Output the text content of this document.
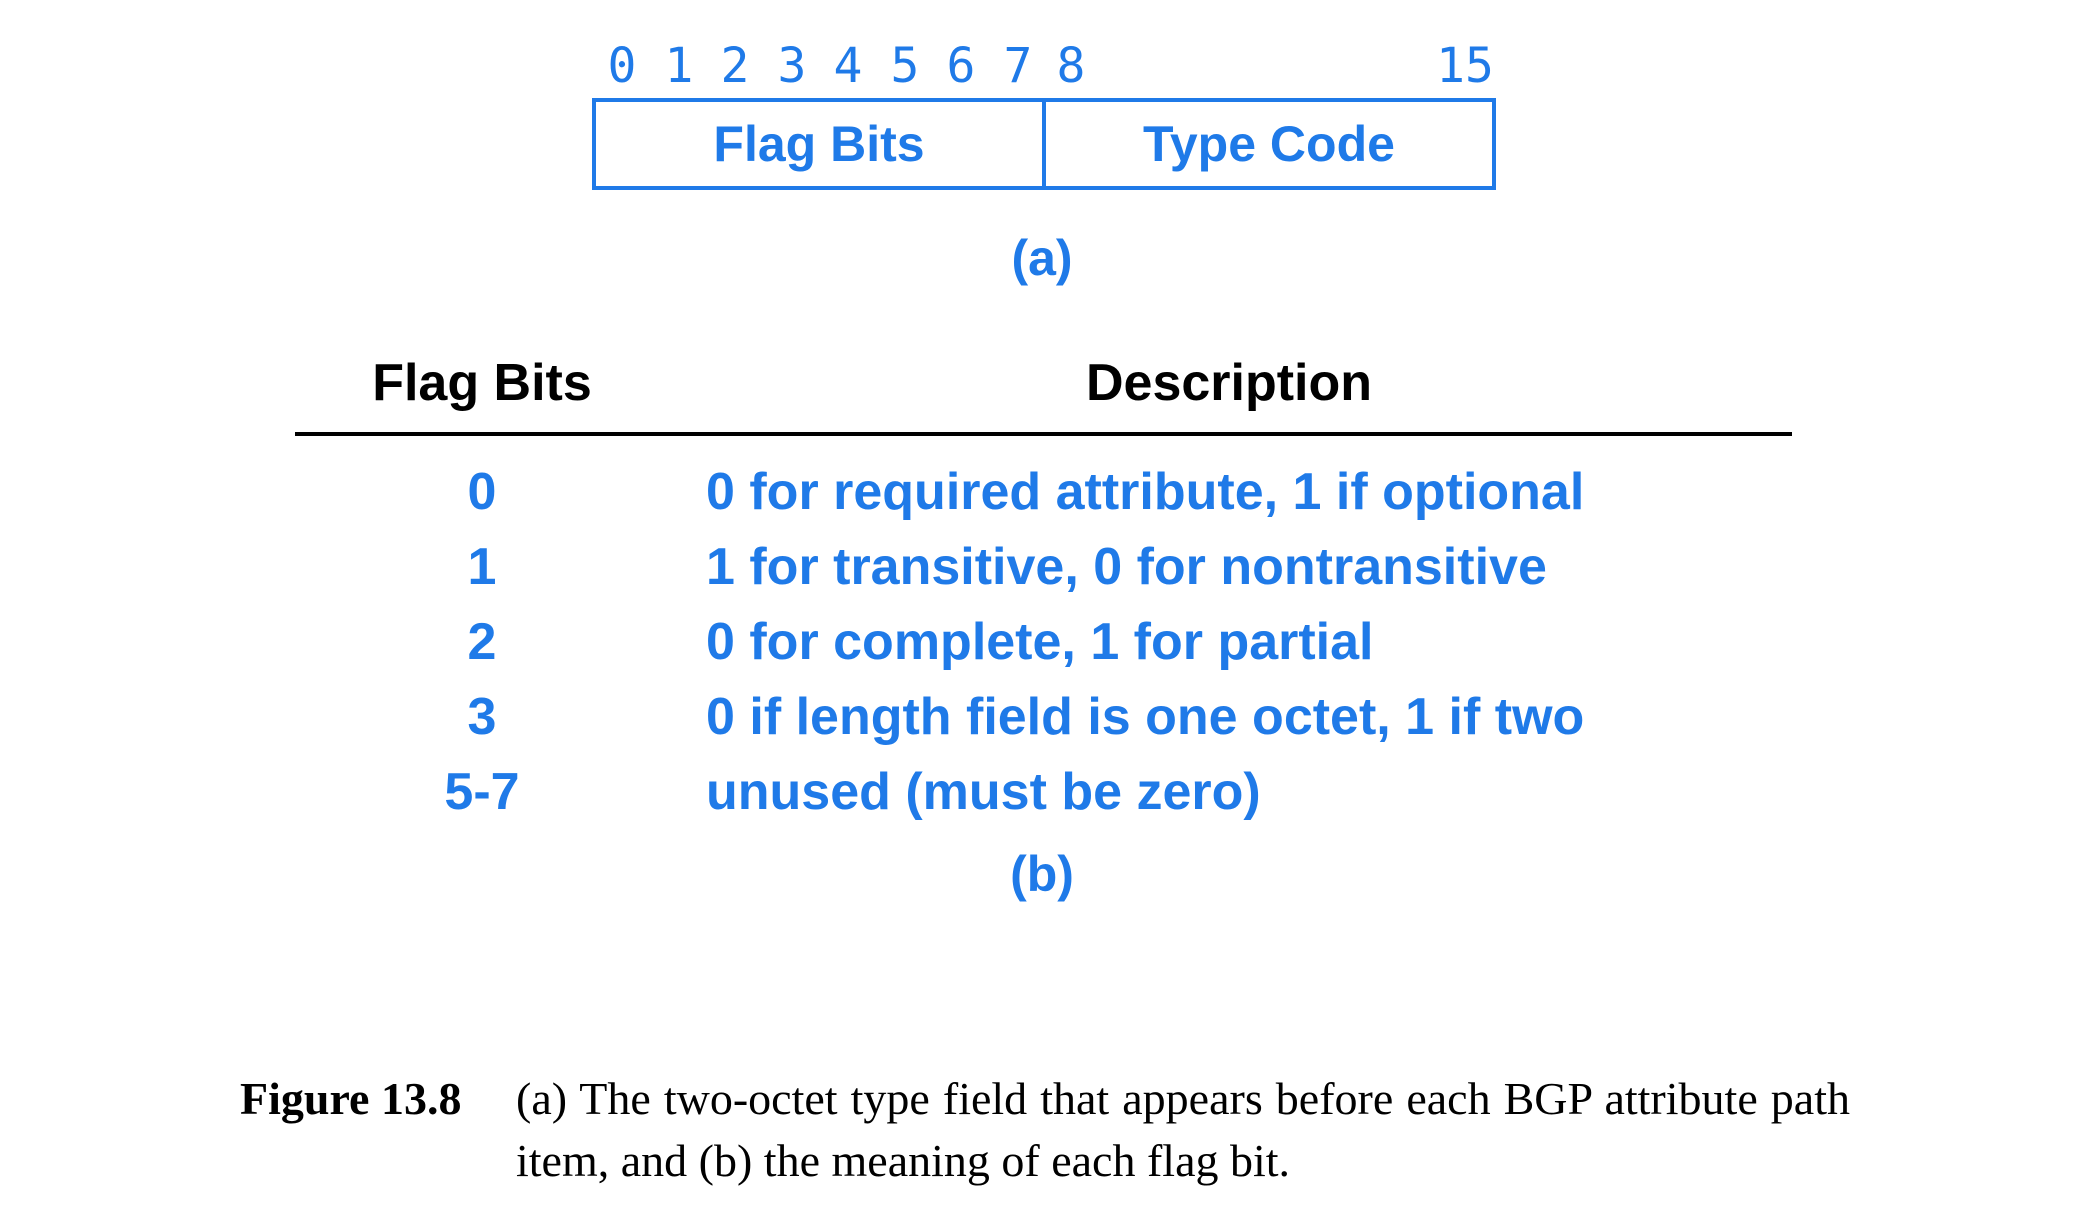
0 1 2 3 4 5 6 7 8	15
Flag Bits	Type Code
(a)
Flag Bits	Description
0	0 for required attribute, 1 if optional
1	1 for transitive, 0 for nontransitive
2	0 for complete, 1 for partial
3	0 if length field is one octet, 1 if two
5-7	unused (must be zero)
(b)
Figure 13.8 (a) The two-octet type field that appears before each BGP attribute path item, and (b) the meaning of each flag bit.
